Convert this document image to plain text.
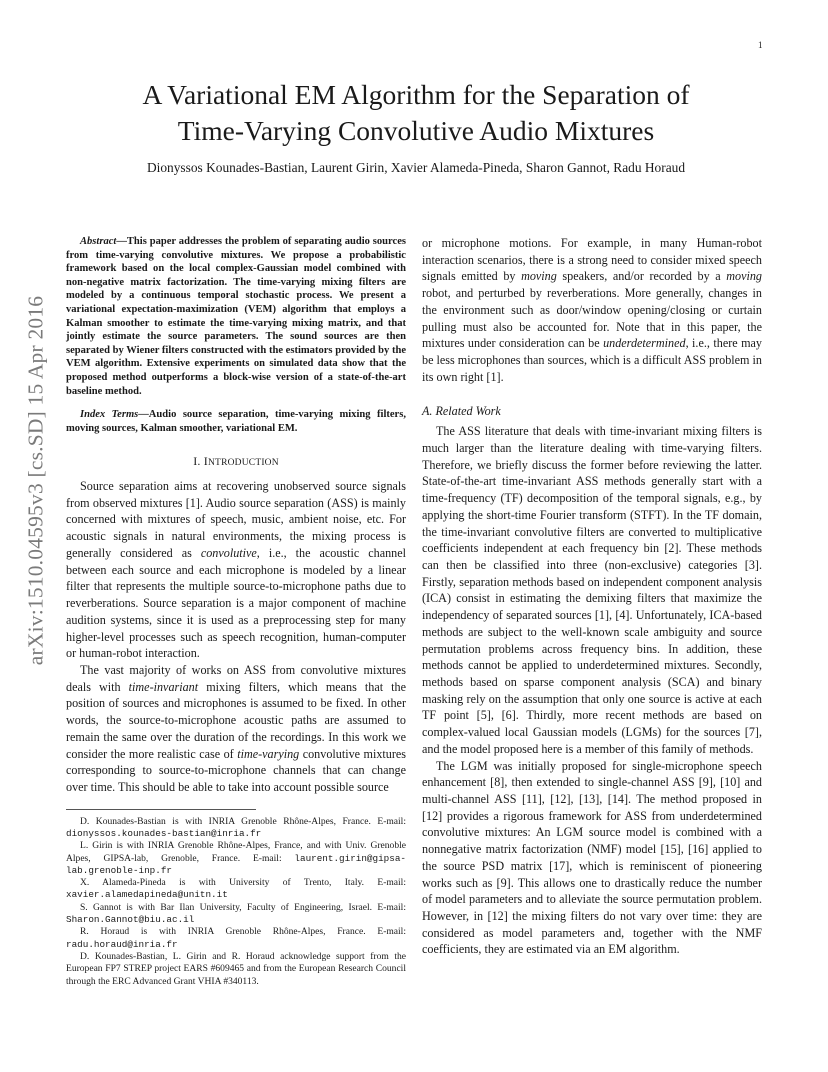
1
arXiv:1510.04595v3 [cs.SD] 15 Apr 2016
A Variational EM Algorithm for the Separation of
Time-Varying Convolutive Audio Mixtures
Dionyssos Kounades-Bastian, Laurent Girin, Xavier Alameda-Pineda, Sharon Gannot, Radu Horaud

Abstract—This paper addresses the problem of separating audio sources from time-varying convolutive mixtures. We propose a probabilistic framework based on the local complex-Gaussian model combined with non-negative matrix factorization. The time-varying mixing filters are modeled by a continuous temporal stochastic process. We present a variational expectation-maximization (VEM) algorithm that employs a Kalman smoother to estimate the time-varying mixing matrix, and that jointly estimate the source parameters. The sound sources are then separated by Wiener filters constructed with the estimators provided by the VEM algorithm. Extensive experiments on simulated data show that the proposed method outperforms a block-wise version of a state-of-the-art baseline method.

Index Terms—Audio source separation, time-varying mixing filters, moving sources, Kalman smoother, variational EM.

I. INTRODUCTION

Source separation aims at recovering unobserved source signals from observed mixtures [1]. Audio source separation (ASS) is mainly concerned with mixtures of speech, music, ambient noise, etc. For acoustic signals in natural environments, the mixing process is generally considered as convolutive, i.e., the acoustic channel between each source and each microphone is modeled by a linear filter that represents the multiple source-to-microphone paths due to reverberations. Source separation is a major component of machine audition systems, since it is used as a preprocessing step for many higher-level processes such as speech recognition, human-computer or human-robot interaction.

The vast majority of works on ASS from convolutive mixtures deals with time-invariant mixing filters, which means that the position of sources and microphones is assumed to be fixed. In other words, the source-to-microphone acoustic paths are assumed to remain the same over the duration of the recordings. In this work we consider the more realistic case of time-varying convolutive mixtures corresponding to source-to-microphone channels that can change over time. This should be able to take into account possible source

D. Kounades-Bastian is with INRIA Grenoble Rhône-Alpes, France. E-mail: dionyssos.kounades-bastian@inria.fr

L. Girin is with INRIA Grenoble Rhône-Alpes, France, and with Univ. Grenoble Alpes, GIPSA-lab, Grenoble, France. E-mail: laurent.girin@gipsa-lab.grenoble-inp.fr

X. Alameda-Pineda is with University of Trento, Italy. E-mail: xavier.alamedapineda@unitn.it

S. Gannot is with Bar Ilan University, Faculty of Engineering, Israel. E-mail: Sharon.Gannot@biu.ac.il

R. Horaud is with INRIA Grenoble Rhône-Alpes, France. E-mail: radu.horaud@inria.fr

D. Kounades-Bastian, L. Girin and R. Horaud acknowledge support from the European FP7 STREP project EARS #609465 and from the European Research Council through the ERC Advanced Grant VHIA #340113.

or microphone motions. For example, in many Human-robot interaction scenarios, there is a strong need to consider mixed speech signals emitted by moving speakers, and/or recorded by a moving robot, and perturbed by reverberations. More generally, changes in the environment such as door/window opening/closing or curtain pulling must also be accounted for. Note that in this paper, the mixtures under consideration can be underdetermined, i.e., there may be less microphones than sources, which is a difficult ASS problem in its own right [1].

A. Related Work

The ASS literature that deals with time-invariant mixing filters is much larger than the literature dealing with time-varying filters. Therefore, we briefly discuss the former before reviewing the latter. State-of-the-art time-invariant ASS methods generally start with a time-frequency (TF) decomposition of the temporal signals, e.g., by applying the short-time Fourier transform (STFT). In the TF domain, the time-invariant convolutive filters are converted to multiplicative coefficients independent at each frequency bin [2]. These methods can then be classified into three (non-exclusive) categories [3]. Firstly, separation methods based on independent component analysis (ICA) consist in estimating the demixing filters that maximize the independency of separated sources [1], [4]. Unfortunately, ICA-based methods are subject to the well-known scale ambiguity and source permutation problems across frequency bins. In addition, these methods cannot be applied to underdetermined mixtures. Secondly, methods based on sparse component analysis (SCA) and binary masking rely on the assumption that only one source is active at each TF point [5], [6]. Thirdly, more recent methods are based on complex-valued local Gaussian models (LGMs) for the sources [7], and the model proposed here is a member of this family of methods.

The LGM was initially proposed for single-microphone speech enhancement [8], then extended to single-channel ASS [9], [10] and multi-channel ASS [11], [12], [13], [14]. The method proposed in [12] provides a rigorous framework for ASS from underdetermined convolutive mixtures: An LGM source model is combined with a nonnegative matrix factorization (NMF) model [15], [16] applied to the source PSD matrix [17], which is reminiscent of pioneering works such as [9]. This allows one to drastically reduce the number of model parameters and to alleviate the source permutation problem. However, in [12] the mixing filters do not vary over time: they are considered as model parameters and, together with the NMF coefficients, they are estimated via an EM algorithm.
